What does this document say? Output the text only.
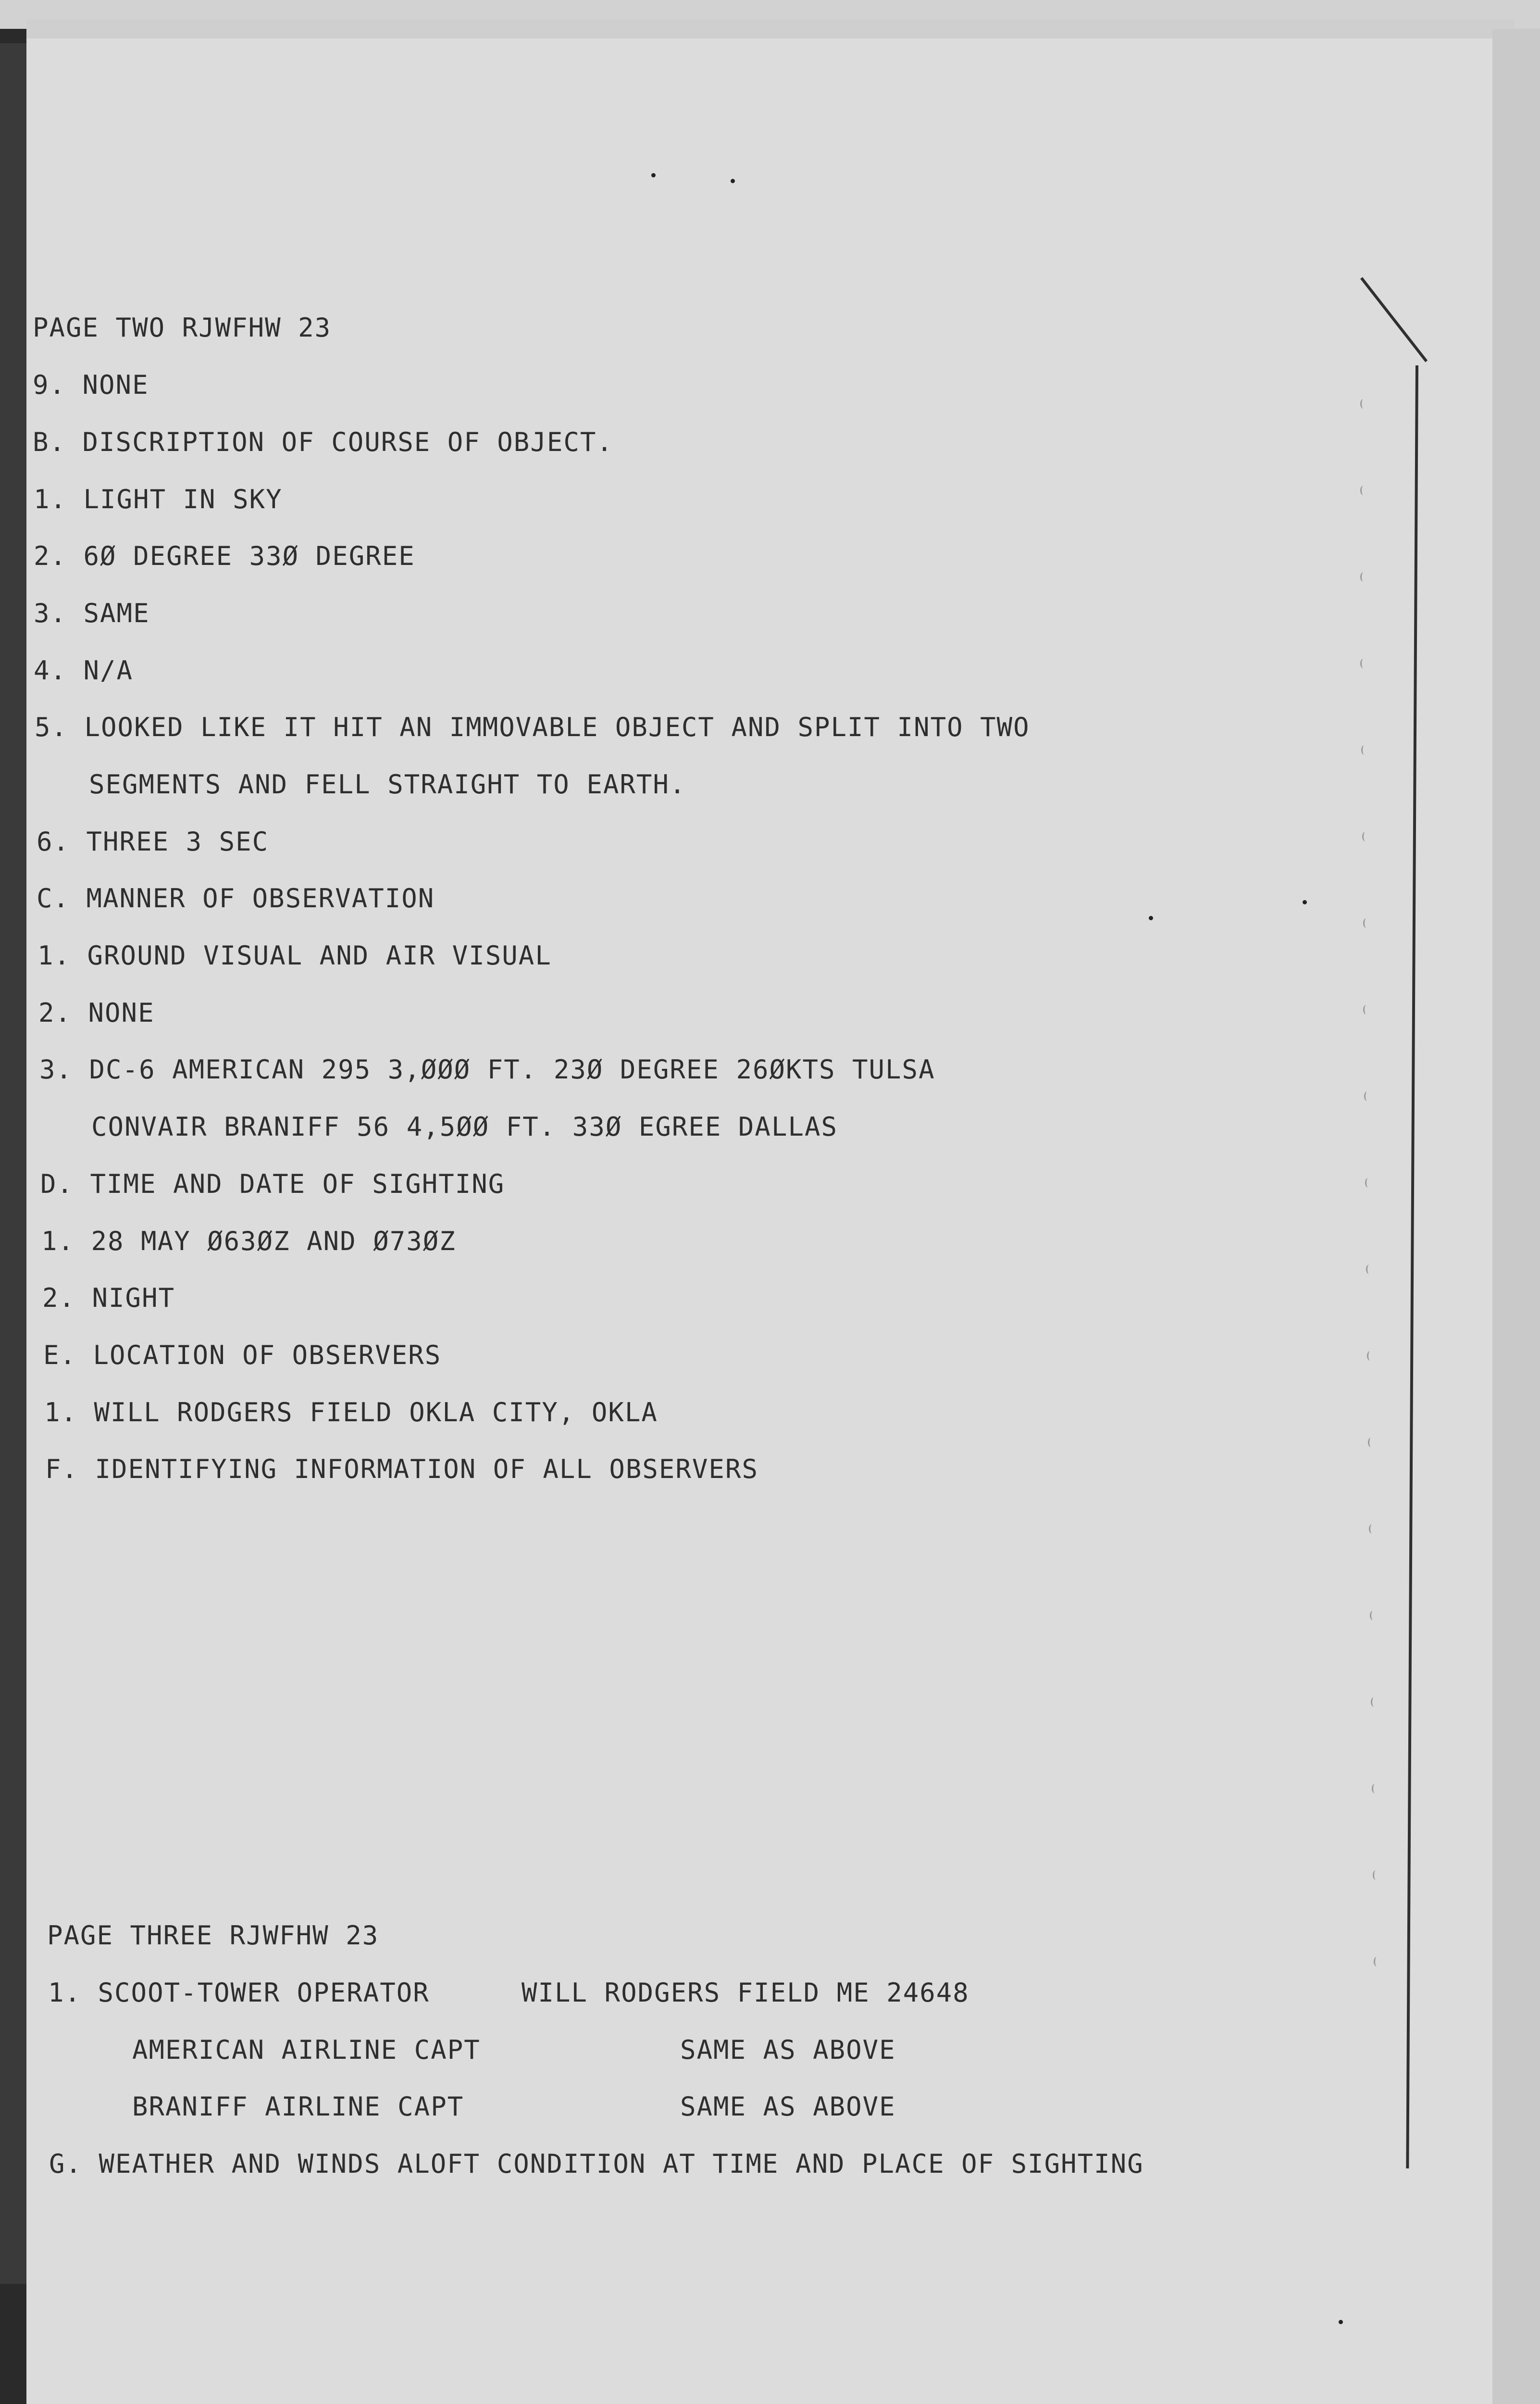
PAGE TWO RJWFHW 23
9. NONE
B. DISCRIPTION OF COURSE OF OBJECT.
1. LIGHT IN SKY
2. 6Ø DEGREE 33Ø DEGREE
3. SAME
4. N/A
5. LOOKED LIKE IT HIT AN IMMOVABLE OBJECT AND SPLIT INTO TWO
SEGMENTS AND FELL STRAIGHT TO EARTH.
6. THREE 3 SEC
C. MANNER OF OBSERVATION
1. GROUND VISUAL AND AIR VISUAL
2. NONE
3. DC-6 AMERICAN 295 3,ØØØ FT. 23Ø DEGREE 26ØKTS TULSA
CONVAIR BRANIFF 56 4,5ØØ FT. 33Ø EGREE DALLAS
D. TIME AND DATE OF SIGHTING
1. 28 MAY Ø63ØZ AND Ø73ØZ
2. NIGHT
E. LOCATION OF OBSERVERS
1. WILL RODGERS FIELD OKLA CITY, OKLA
F. IDENTIFYING INFORMATION OF ALL OBSERVERS
PAGE THREE RJWFHW 23
1. SCOOT-TOWER OPERATOR	WILL RODGERS FIELD ME 24648
AMERICAN AIRLINE CAPT	SAME AS ABOVE
BRANIFF AIRLINE CAPT	SAME AS ABOVE
G. WEATHER AND WINDS ALOFT CONDITION AT TIME AND PLACE OF SIGHTING
